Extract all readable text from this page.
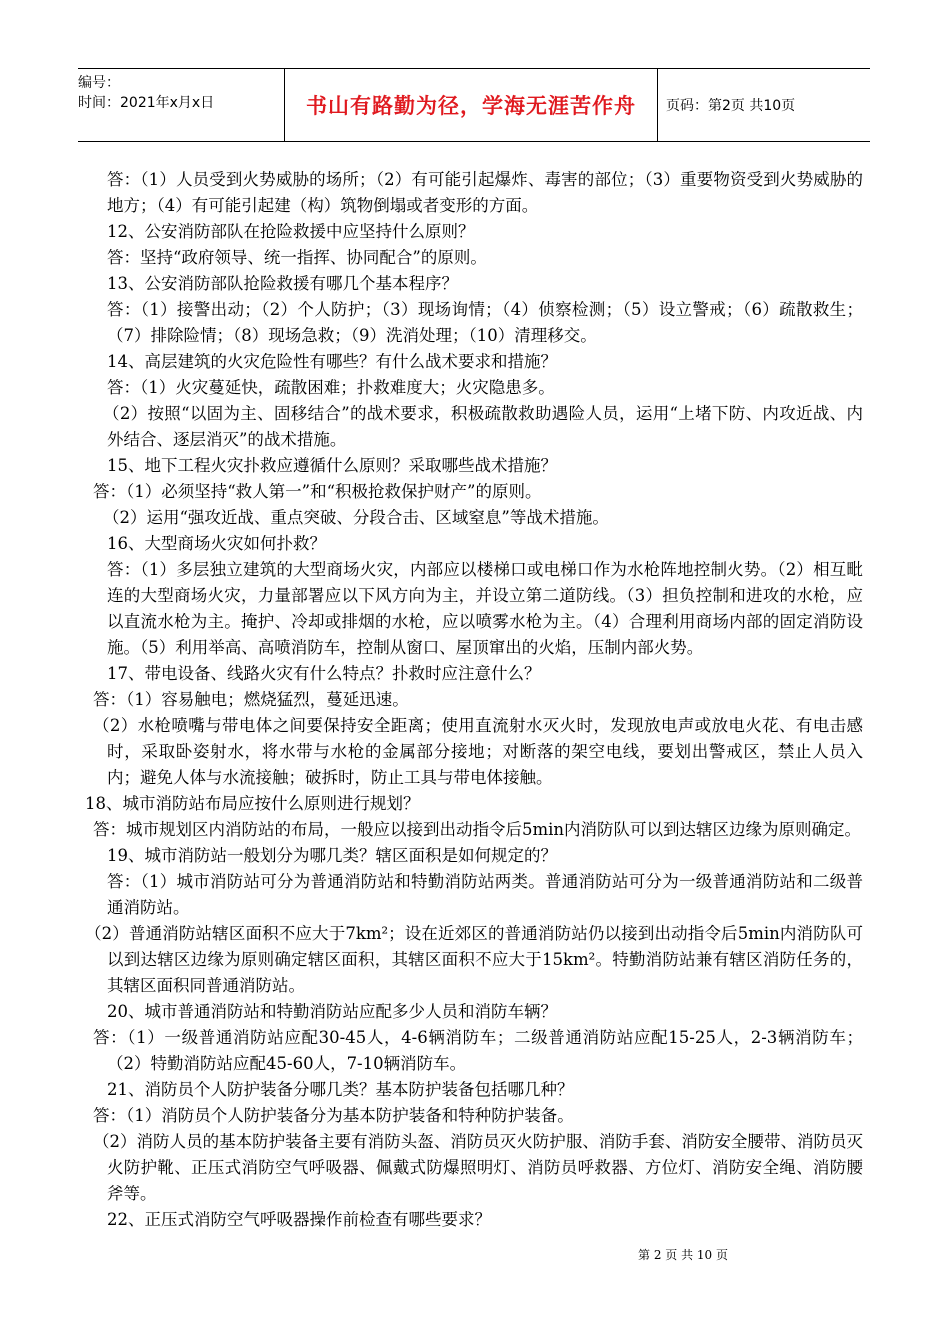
编号：
时间：2021年x月x日	书山有路勤为径，学海无涯苦作舟	页码：第2页 共10页

答：（1）人员受到火势威胁的场所；（2）有可能引起爆炸、毒害的部位；（3）重要物资受到火势威胁的地方；（4）有可能引起建（构）筑物倒塌或者变形的方面。

12、公安消防部队在抢险救援中应坚持什么原则？

答：坚持“政府领导、统一指挥、协同配合”的原则。

13、公安消防部队抢险救援有哪几个基本程序？

答：（1）接警出动；（2）个人防护；（3）现场询情；（4）侦察检测；（5）设立警戒；（6）疏散救生；（7）排除险情；（8）现场急救；（9）洗消处理；（10）清理移交。

14、高层建筑的火灾危险性有哪些？有什么战术要求和措施？

答：（1）火灾蔓延快，疏散困难；扑救难度大；火灾隐患多。

（2）按照“以固为主、固移结合”的战术要求，积极疏散救助遇险人员，运用“上堵下防、内攻近战、内外结合、逐层消灭”的战术措施。

15、地下工程火灾扑救应遵循什么原则？采取哪些战术措施？

答：（1）必须坚持“救人第一”和“积极抢救保护财产”的原则。

（2）运用“强攻近战、重点突破、分段合击、区域窒息”等战术措施。

16、大型商场火灾如何扑救？

答：（1）多层独立建筑的大型商场火灾，内部应以楼梯口或电梯口作为水枪阵地控制火势。（2）相互毗连的大型商场火灾，力量部署应以下风方向为主，并设立第二道防线。（3）担负控制和进攻的水枪，应以直流水枪为主。掩护、冷却或排烟的水枪，应以喷雾水枪为主。（4）合理利用商场内部的固定消防设施。（5）利用举高、高喷消防车，控制从窗口、屋顶窜出的火焰，压制内部火势。

17、带电设备、线路火灾有什么特点？扑救时应注意什么？

答：（1）容易触电；燃烧猛烈，蔓延迅速。

（2）水枪喷嘴与带电体之间要保持安全距离；使用直流射水灭火时，发现放电声或放电火花、有电击感时，采取卧姿射水，将水带与水枪的金属部分接地；对断落的架空电线，要划出警戒区，禁止人员入内；避免人体与水流接触；破拆时，防止工具与带电体接触。

18、城市消防站布局应按什么原则进行规划？

答：城市规划区内消防站的布局，一般应以接到出动指令后5min内消防队可以到达辖区边缘为原则确定。

19、城市消防站一般划分为哪几类？辖区面积是如何规定的？

答：（1）城市消防站可分为普通消防站和特勤消防站两类。普通消防站可分为一级普通消防站和二级普通消防站。

（2）普通消防站辖区面积不应大于7km²；设在近郊区的普通消防站仍以接到出动指令后5min内消防队可以到达辖区边缘为原则确定辖区面积，其辖区面积不应大于15km²。特勤消防站兼有辖区消防任务的，其辖区面积同普通消防站。

20、城市普通消防站和特勤消防站应配多少人员和消防车辆？

答：（1）一级普通消防站应配30-45人，4-6辆消防车；二级普通消防站应配15-25人，2-3辆消防车；（2）特勤消防站应配45-60人，7-10辆消防车。

21、消防员个人防护装备分哪几类？基本防护装备包括哪几种？

答：（1）消防员个人防护装备分为基本防护装备和特种防护装备。

（2）消防人员的基本防护装备主要有消防头盔、消防员灭火防护服、消防手套、消防安全腰带、消防员灭火防护靴、正压式消防空气呼吸器、佩戴式防爆照明灯、消防员呼救器、方位灯、消防安全绳、消防腰斧等。

22、正压式消防空气呼吸器操作前检查有哪些要求？

第 2 页 共 10 页
